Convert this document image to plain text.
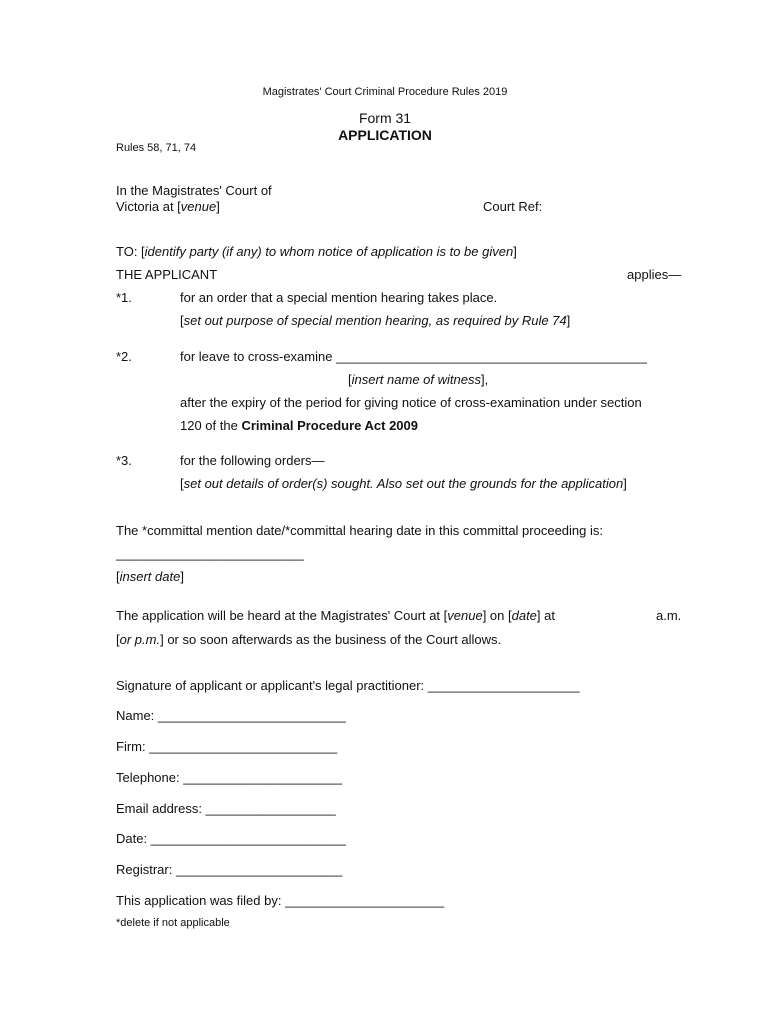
Magistrates' Court Criminal Procedure Rules 2019
Form 31
APPLICATION
Rules 58, 71, 74
In the Magistrates' Court of
Victoria at [venue]	Court Ref:
TO: [identify party (if any) to whom notice of application is to be given]
THE APPLICANT	applies—
*1.	for an order that a special mention hearing takes place.
[set out purpose of special mention hearing, as required by Rule 74]
*2.	for leave to cross-examine ___________________________________________
[insert name of witness],
after the expiry of the period for giving notice of cross-examination under section
120 of the Criminal Procedure Act 2009
*3.	for the following orders—
[set out details of order(s) sought. Also set out the grounds for the application]
The *committal mention date/*committal hearing date in this committal proceeding is:
__________________________
[insert date]
The application will be heard at the Magistrates' Court at [venue] on [date] at	a.m.
[or p.m.] or so soon afterwards as the business of the Court allows.
Signature of applicant or applicant's legal practitioner: _____________________
Name: __________________________
Firm: __________________________
Telephone: ______________________
Email address: __________________
Date: ___________________________
Registrar: _______________________
This application was filed by: ______________________
*delete if not applicable
